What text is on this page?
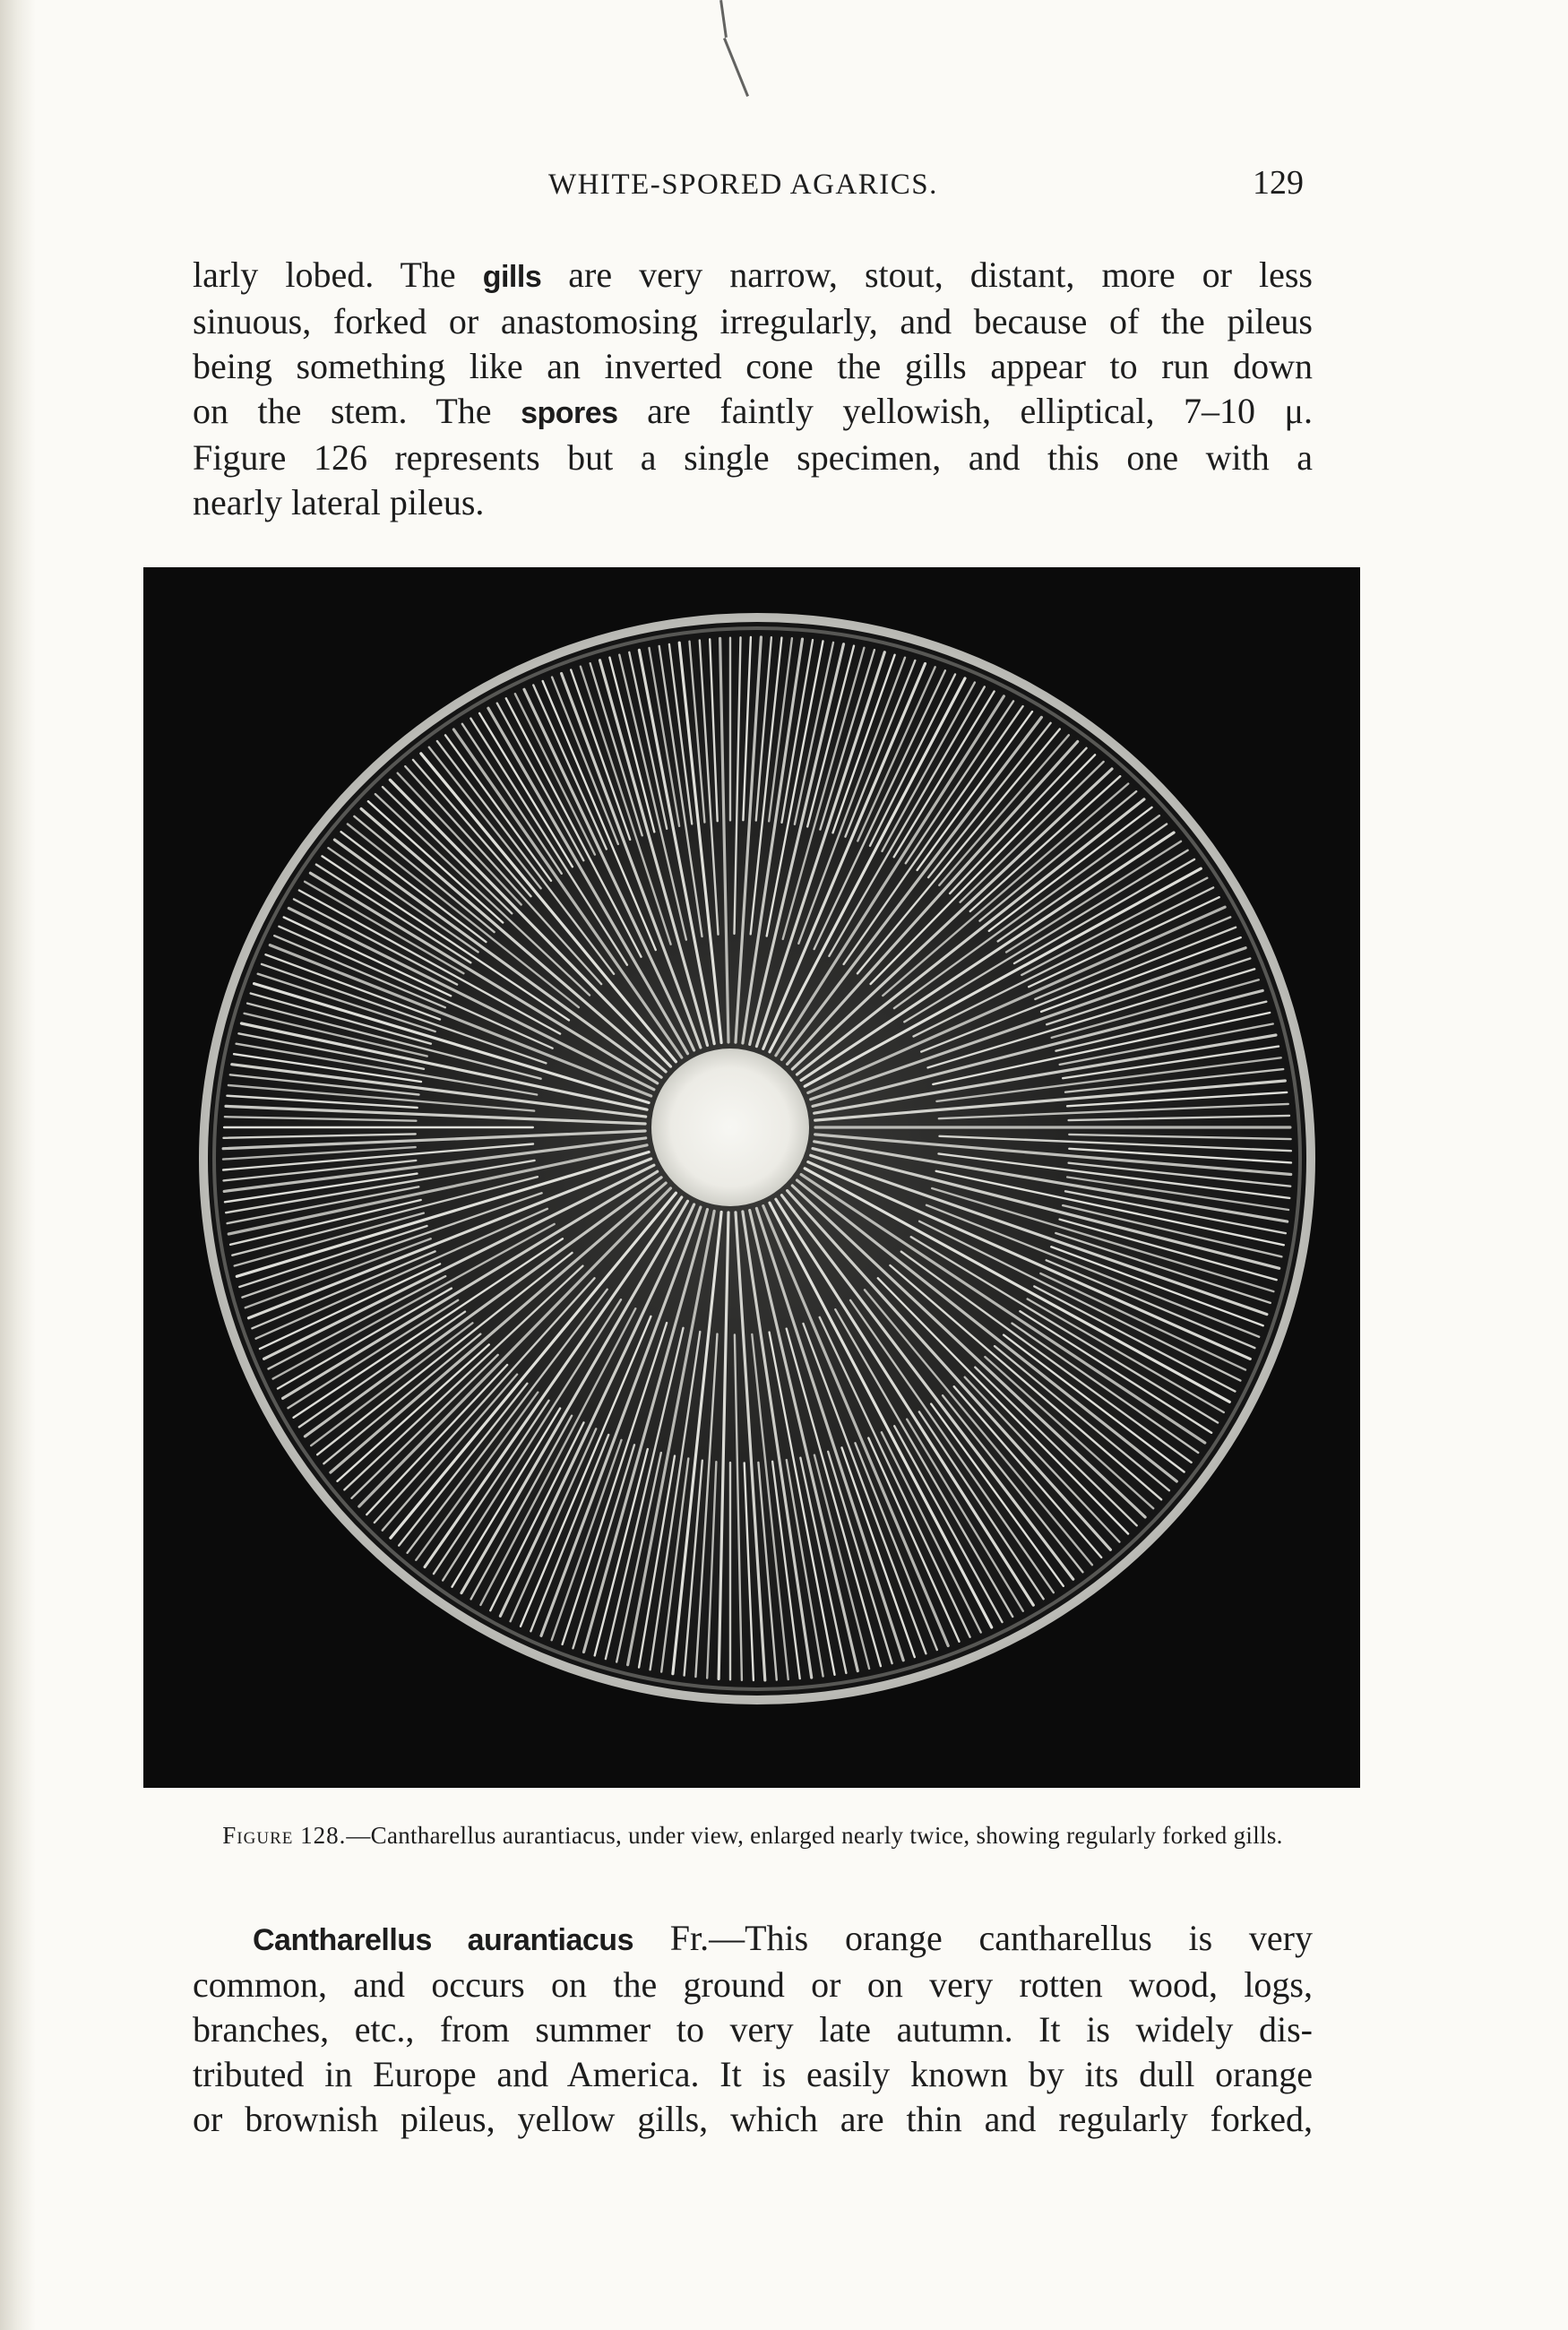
WHITE-SPORED AGARICS.	129

larly lobed. The gills are very narrow, stout, distant, more or less
sinuous, forked or anastomosing irregularly, and because of the pileus
being something like an inverted cone the gills appear to run down
on the stem. The spores are faintly yellowish, elliptical, 7–10 μ.
Figure 126 represents but a single specimen, and this one with a
nearly lateral pileus.

Figure 128.—Cantharellus aurantiacus, under view, enlarged nearly twice, showing regularly forked gills.

Cantharellus aurantiacus Fr.—This orange cantharellus is very
common, and occurs on the ground or on very rotten wood, logs,
branches, etc., from summer to very late autumn. It is widely dis-
tributed in Europe and America. It is easily known by its dull orange
or brownish pileus, yellow gills, which are thin and regularly forked,
